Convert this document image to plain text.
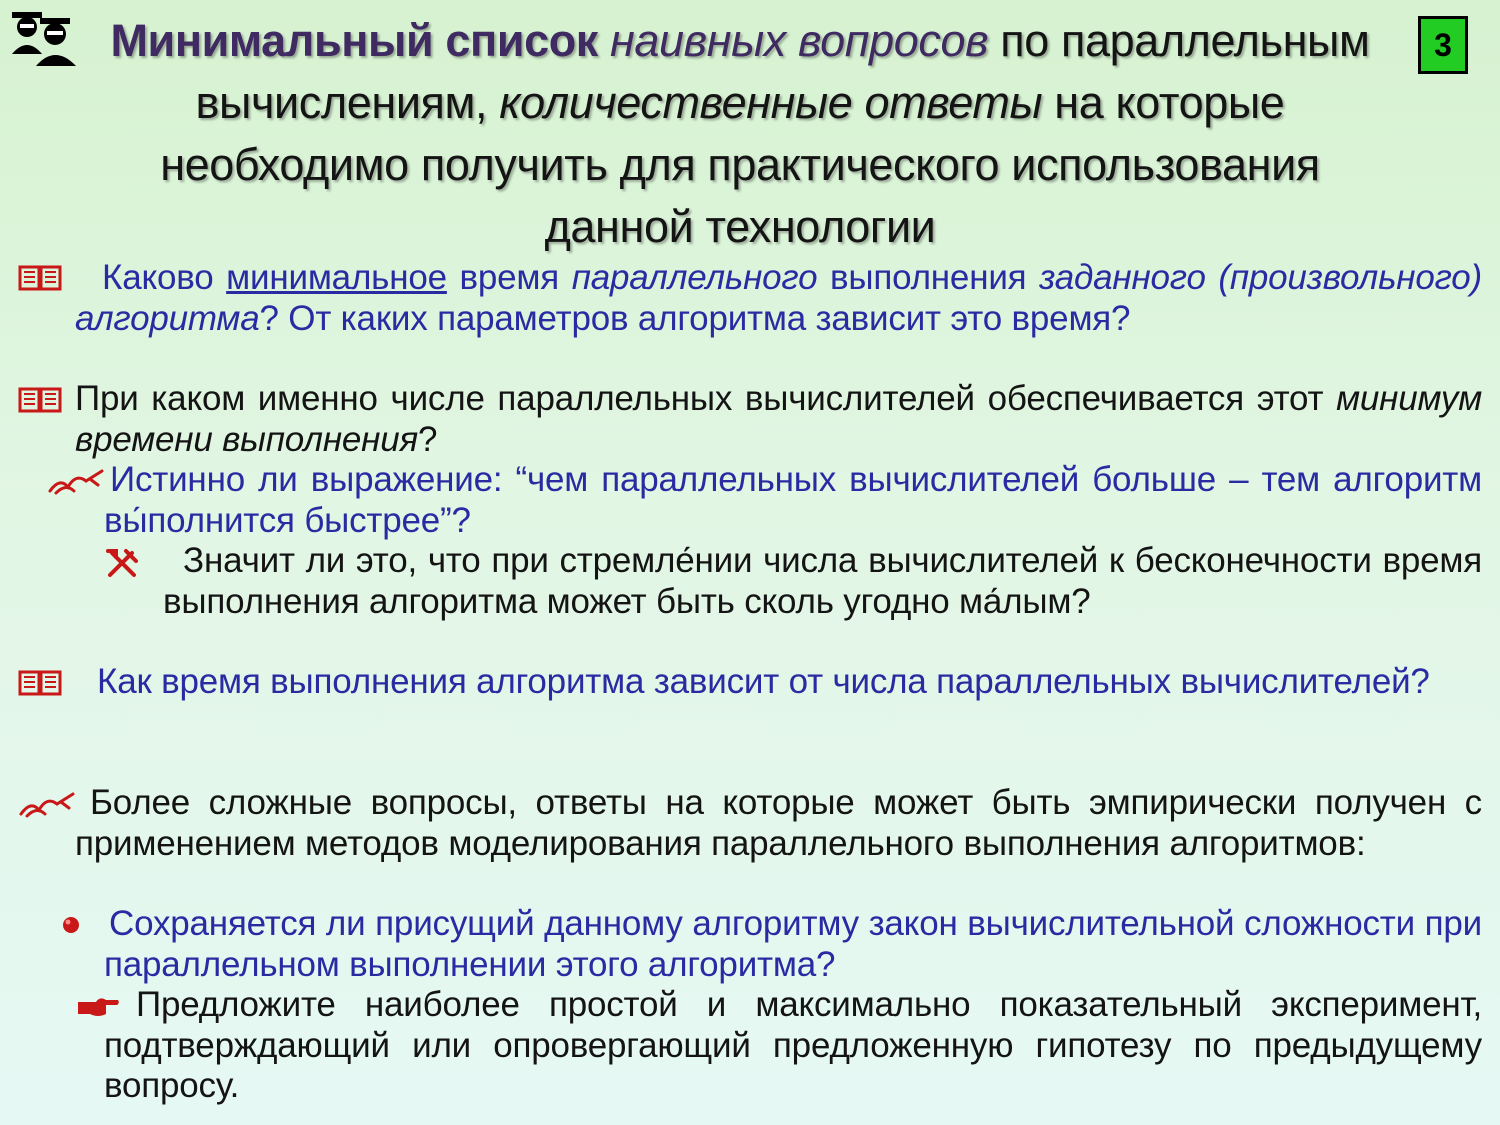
3
Минимальный список наивных вопросов по параллельным вычислениям, количественные ответы на которые необходимо получить для практического использования данной технологии
Каково минимальное время параллельного выполнения заданного (произвольного) алгоритма? От каких параметров алгоритма зависит это время?
При каком именно числе параллельных вычислителей обеспечивается этот минимум времени выполнения?
Истинно ли выражение: “чем параллельных вычислителей больше – тем алгоритм вы́полнится быстрее”?
Значит ли это, что при стремле́нии числа вычислителей к бесконечности время выполнения алгоритма может быть сколь угодно ма́лым?
Как время выполнения алгоритма зависит от числа параллельных вычислителей?
Более сложные вопросы, ответы на которые может быть эмпирически получен с применением методов моделирования параллельного выполнения алгоритмов:
Сохраняется ли присущий данному алгоритму закон вычислительной сложности при параллельном выполнении этого алгоритма?
Предложите наиболее простой и максимально показательный эксперимент, подтверждающий или опровергающий предложенную гипотезу по предыдущему вопросу.
